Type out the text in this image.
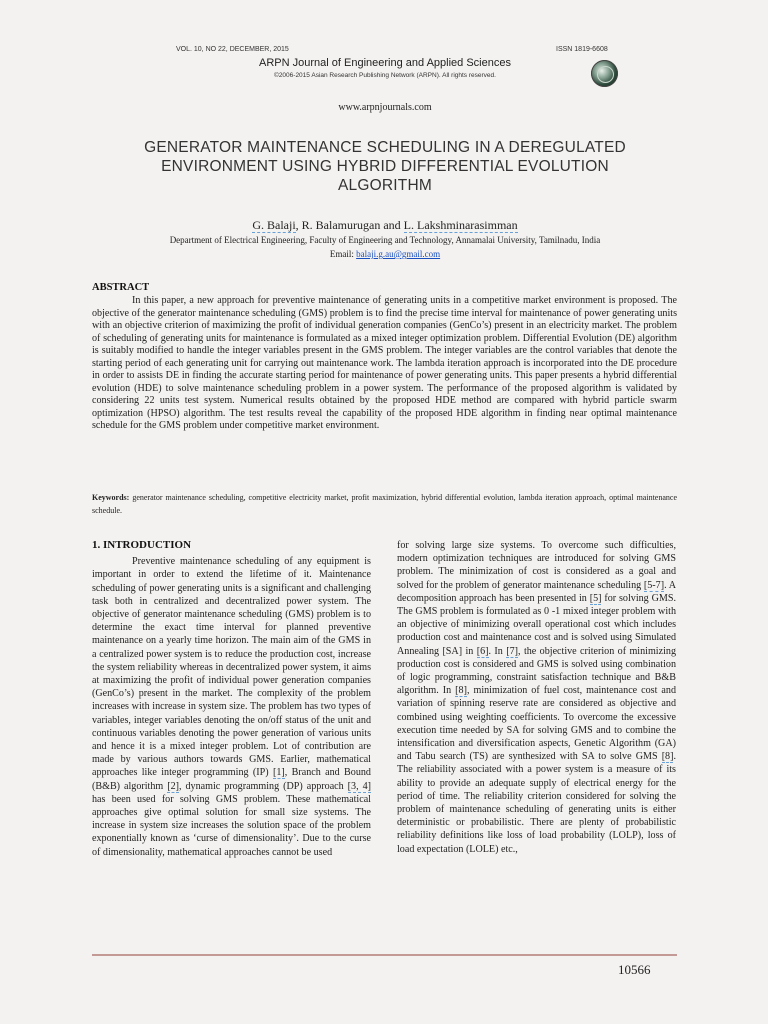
VOL. 10, NO 22, DECEMBER, 2015	ISSN 1819-6608
ARPN Journal of Engineering and Applied Sciences
©2006-2015 Asian Research Publishing Network (ARPN). All rights reserved.
www.arpnjournals.com
GENERATOR MAINTENANCE SCHEDULING IN A DEREGULATED
ENVIRONMENT USING HYBRID DIFFERENTIAL EVOLUTION
ALGORITHM
G. Balaji, R. Balamurugan and L. Lakshminarasimman
Department of Electrical Engineering, Faculty of Engineering and Technology, Annamalai University, Tamilnadu, India
Email: balaji.g.au@gmail.com
ABSTRACT

In this paper, a new approach for preventive maintenance of generating units in a competitive market environment is proposed. The objective of the generator maintenance scheduling (GMS) problem is to find the precise time interval for maintenance of power generating units with an objective criterion of maximizing the profit of individual generation companies (GenCo’s) present in an electricity market. The problem of scheduling of generating units for maintenance is formulated as a mixed integer optimization problem. Differential Evolution (DE) algorithm is suitably modified to handle the integer variables present in the GMS problem. The integer variables are the control variables that denote the starting period of each generating unit for carrying out maintenance work. The lambda iteration approach is incorporated into the DE procedure in order to assists DE in finding the accurate starting period for maintenance of power generating units. This paper presents a hybrid differential evolution (HDE) to solve maintenance scheduling problem in a power system. The performance of the proposed algorithm is validated by considering 22 units test system. Numerical results obtained by the proposed HDE method are compared with hybrid particle swarm optimization (HPSO) algorithm. The test results reveal the capability of the proposed HDE algorithm in finding near optimal maintenance schedule for the GMS problem under competitive market environment.

Keywords: generator maintenance scheduling, competitive electricity market, profit maximization, hybrid differential evolution, lambda iteration approach, optimal maintenance schedule.
1. INTRODUCTION

Preventive maintenance scheduling of any equipment is important in order to extend the lifetime of it. Maintenance scheduling of power generating units is a significant and challenging task both in centralized and decentralized power system. The objective of generator maintenance scheduling (GMS) problem is to determine the exact time interval for planned preventive maintenance on a yearly time horizon. The main aim of the GMS in a centralized power system is to reduce the production cost, increase the system reliability whereas in decentralized power system, it aims at maximizing the profit of individual power generation companies (GenCo’s) present in the market. The complexity of the problem increases with increase in system size. The problem has two types of variables, integer variables denoting the on/off status of the unit and continuous variables denoting the power generation of various units and hence it is a mixed integer problem. Lot of contribution are made by various authors towards GMS. Earlier, mathematical approaches like integer programming (IP) [1], Branch and Bound (B&B) algorithm [2], dynamic programming (DP) approach [3, 4] has been used for solving GMS problem. These mathematical approaches give optimal solution for small size systems. The increase in system size increases the solution space of the problem exponentially known as ‘curse of dimensionality’. Due to the curse of dimensionality, mathematical approaches cannot be used

for solving large size systems. To overcome such difficulties, modern optimization techniques are introduced for solving GMS problem. The minimization of cost is considered as a goal and solved for the problem of generator maintenance scheduling [5-7]. A decomposition approach has been presented in [5] for solving GMS. The GMS problem is formulated as 0 -1 mixed integer problem with an objective of minimizing overall operational cost which includes production cost and maintenance cost and is solved using Simulated Annealing [SA] in [6]. In [7], the objective criterion of minimizing production cost is considered and GMS is solved using combination of logic programming, constraint satisfaction technique and B&B algorithm. In [8], minimization of fuel cost, maintenance cost and variation of spinning reserve rate are considered as objective and combined using weighting coefficients. To overcome the excessive execution time needed by SA for solving GMS and to combine the intensification and diversification aspects, Genetic Algorithm (GA) and Tabu search (TS) are synthesized with SA to solve GMS [8]. The reliability associated with a power system is a measure of its ability to provide an adequate supply of electrical energy for the period of time. The reliability criterion considered for solving the problem of maintenance scheduling of generating units is either deterministic or probabilistic. There are plenty of probabilistic reliability definitions like loss of load probability (LOLP), loss of load expectation (LOLE) etc.,

10566
